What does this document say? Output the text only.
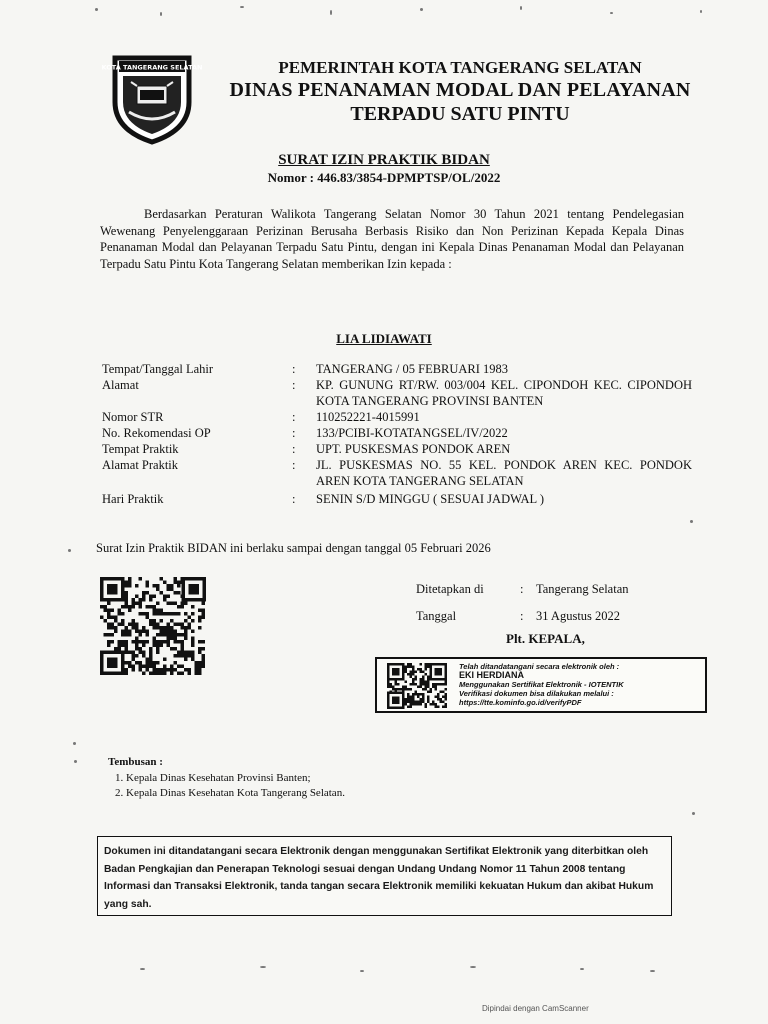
KOTA TANGERANG SELATAN	PEMERINTAH KOTA TANGERANG SELATAN
DINAS PENANAMAN MODAL DAN PELAYANAN
TERPADU SATU PINTU
SURAT IZIN PRAKTIK BIDAN
Nomor : 446.83/3854-DPMPTSP/OL/2022
Berdasarkan Peraturan Walikota Tangerang Selatan Nomor 30 Tahun 2021 tentang Pendelegasian Wewenang Penyelenggaraan Perizinan Berusaha Berbasis Risiko dan Non Perizinan Kepada Kepala Dinas Penanaman Modal dan Pelayanan Terpadu Satu Pintu, dengan ini Kepala Dinas Penanaman Modal dan Pelayanan Terpadu Satu Pintu Kota Tangerang Selatan memberikan Izin kepada :
LIA LIDIAWATI
Tempat/Tanggal Lahir	:	TANGERANG / 05 FEBRUARI 1983
Alamat	:	KP. GUNUNG RT/RW. 003/004 KEL. CIPONDOH KEC. CIPONDOH KOTA TANGERANG PROVINSI BANTEN
Nomor STR	:	110252221-4015991
No. Rekomendasi OP	:	133/PCIBI-KOTATANGSEL/IV/2022
Tempat Praktik	:	UPT. PUSKESMAS PONDOK AREN
Alamat Praktik	:	JL. PUSKESMAS NO. 55 KEL. PONDOK AREN KEC. PONDOK AREN KOTA TANGERANG SELATAN
Hari Praktik	:	SENIN S/D MINGGU ( SESUAI JADWAL )
Surat Izin Praktik BIDAN ini berlaku sampai dengan tanggal 05 Februari 2026
Ditetapkan di	:	Tangerang Selatan
Tanggal	:	31 Agustus 2022
Plt. KEPALA,
Telah ditandatangani secara elektronik oleh :
EKI HERDIANA
Menggunakan Sertifikat Elektronik - IOTENTIK
Verifikasi dokumen bisa dilakukan melalui :
https://tte.kominfo.go.id/verifyPDF
Tembusan :
1. Kepala Dinas Kesehatan Provinsi Banten;
2. Kepala Dinas Kesehatan Kota Tangerang Selatan.
Dokumen ini ditandatangani secara Elektronik dengan menggunakan Sertifikat Elektronik yang diterbitkan oleh Badan Pengkajian dan Penerapan Teknologi sesuai dengan Undang Undang Nomor 11 Tahun 2008 tentang Informasi dan Transaksi Elektronik, tanda tangan secara Elektronik memiliki kekuatan Hukum dan akibat Hukum yang sah.
Dipindai dengan CamScanner
